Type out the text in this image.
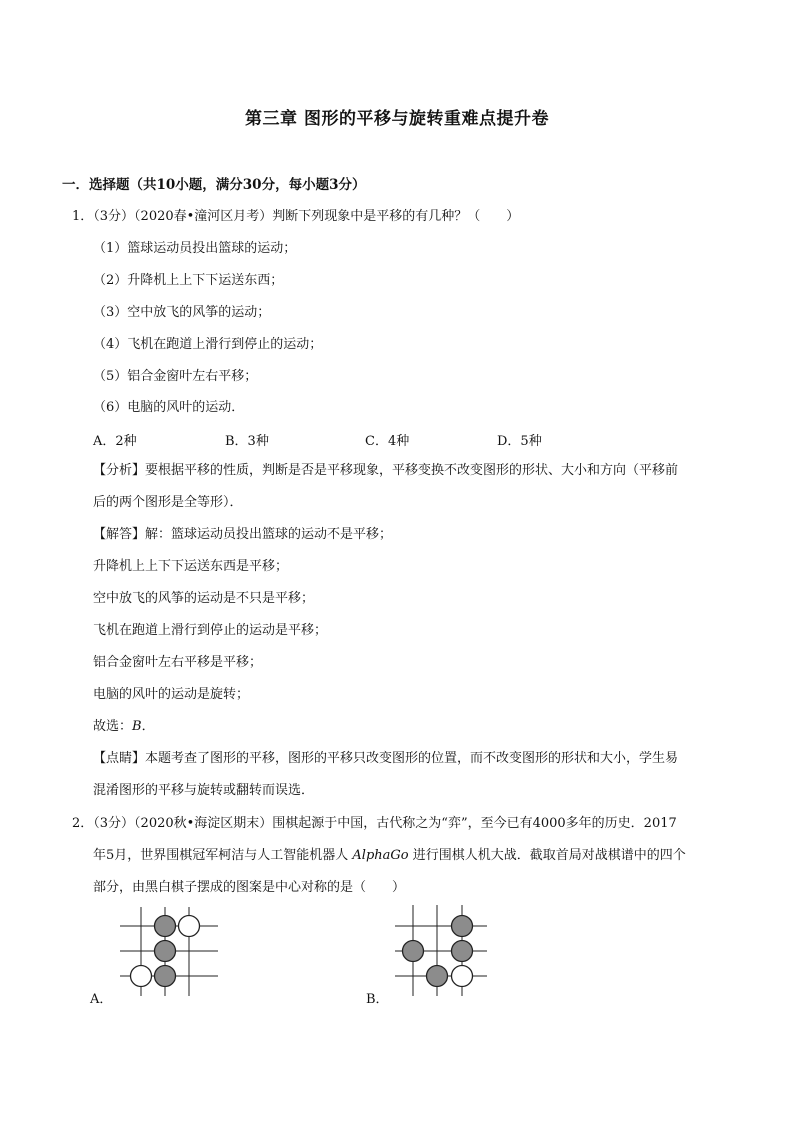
第三章 图形的平移与旋转重难点提升卷
一．选择题（共10小题，满分30分，每小题3分）
1．（3分）（2020春•潼河区月考）判断下列现象中是平移的有几种？（　　）
（1）篮球运动员投出篮球的运动；
（2）升降机上上下下运送东西；
（3）空中放飞的风筝的运动；
（4）飞机在跑道上滑行到停止的运动；
（5）铝合金窗叶左右平移；
（6）电脑的风叶的运动．
A．2种	B．3种	C．4种	D．5种
【分析】要根据平移的性质，判断是否是平移现象，平移变换不改变图形的形状、大小和方向（平移前
后的两个图形是全等形）．
【解答】解：篮球运动员投出篮球的运动不是平移；
升降机上上下下运送东西是平移；
空中放飞的风筝的运动是不只是平移；
飞机在跑道上滑行到停止的运动是平移；
铝合金窗叶左右平移是平移；
电脑的风叶的运动是旋转；
故选：B．
【点睛】本题考查了图形的平移，图形的平移只改变图形的位置，而不改变图形的形状和大小，学生易
混淆图形的平移与旋转或翻转而误选．
2．（3分）（2020秋•海淀区期末）围棋起源于中国，古代称之为“弈”，至今已有4000多年的历史．2017
年5月，世界围棋冠军柯洁与人工智能机器人 AlphaGo 进行围棋人机大战．截取首局对战棋谱中的四个
部分，由黑白棋子摆成的图案是中心对称的是（　　）
A．	B．
